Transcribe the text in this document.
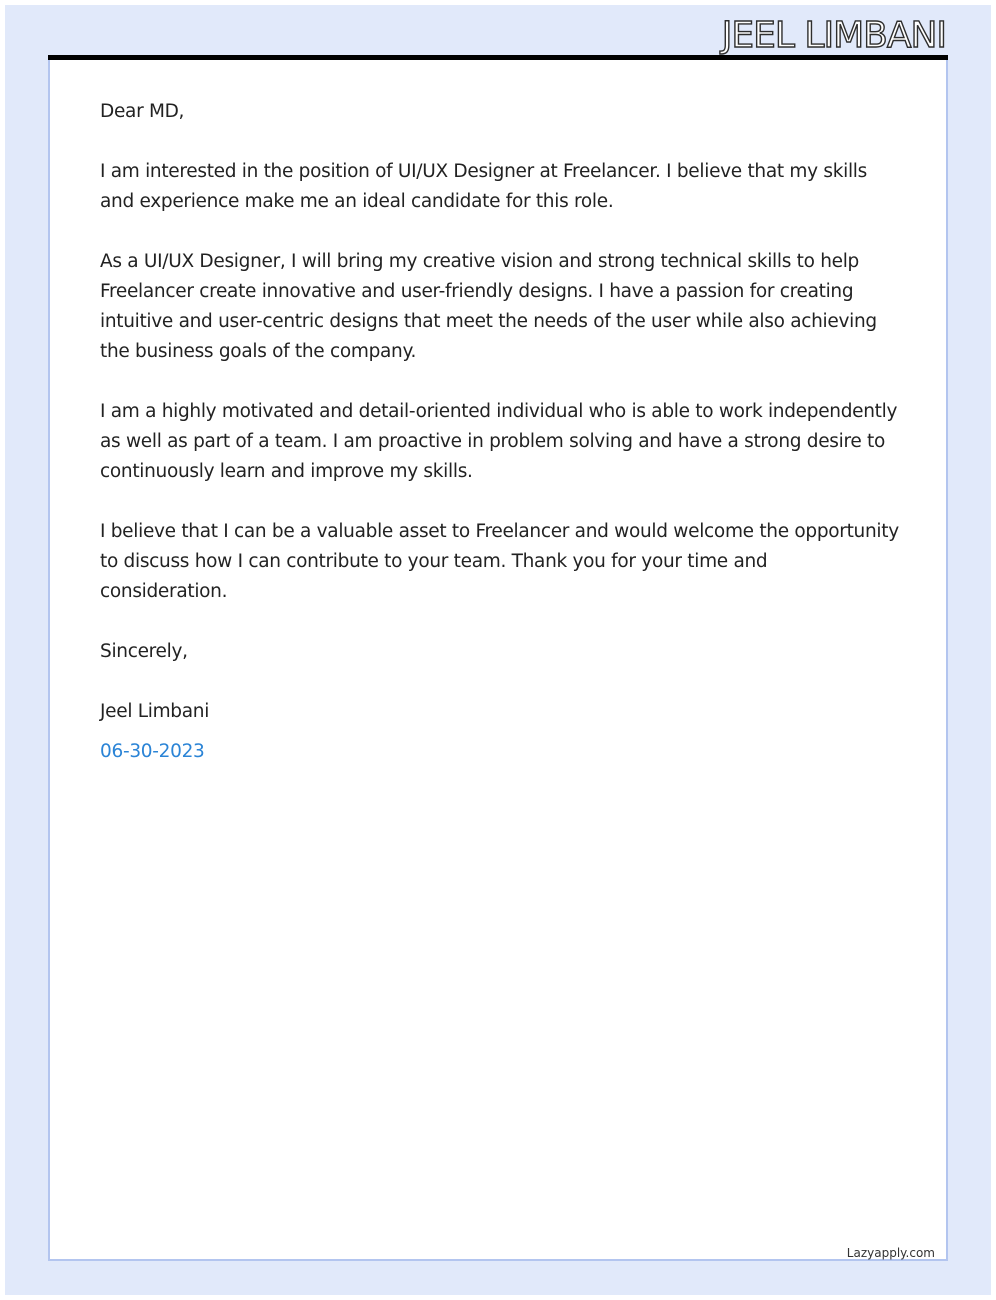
JEEL LIMBANI

Dear MD,

I am interested in the position of UI/UX Designer at Freelancer. I believe that my skills and experience make me an ideal candidate for this role.

As a UI/UX Designer, I will bring my creative vision and strong technical skills to help Freelancer create innovative and user-friendly designs. I have a passion for creating intuitive and user-centric designs that meet the needs of the user while also achieving the business goals of the company.

I am a highly motivated and detail-oriented individual who is able to work independently as well as part of a team. I am proactive in problem solving and have a strong desire to continuously learn and improve my skills.

I believe that I can be a valuable asset to Freelancer and would welcome the opportunity to discuss how I can contribute to your team. Thank you for your time and consideration.

Sincerely,

Jeel Limbani

06-30-2023

Lazyapply.com
